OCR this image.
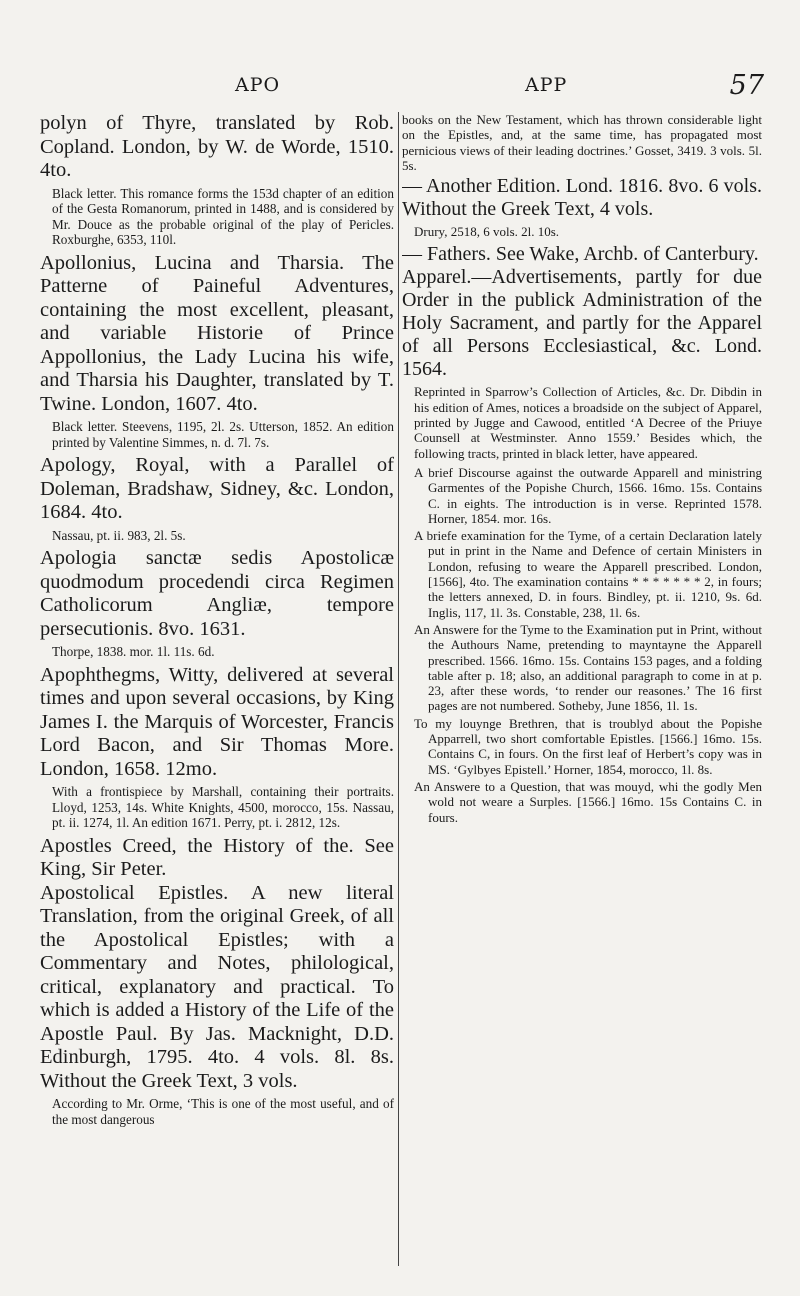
APO	APP	57

polyn of Thyre, translated by Rob. Copland. London, by W. de Worde, 1510. 4to.

Black letter. This romance forms the 153d chapter of an edition of the Gesta Romanorum, printed in 1488, and is considered by Mr. Douce as the probable original of the play of Pericles. Roxburghe, 6353, 110l.

Apollonius, Lucina and Tharsia. The Patterne of Paineful Adventures, containing the most excellent, pleasant, and variable Historie of Prince Appollonius, the Lady Lucina his wife, and Tharsia his Daughter, translated by T. Twine. London, 1607. 4to.

Black letter. Steevens, 1195, 2l. 2s. Utterson, 1852. An edition printed by Valentine Simmes, n. d. 7l. 7s.

Apology, Royal, with a Parallel of Doleman, Bradshaw, Sidney, &c. London, 1684. 4to.

Nassau, pt. ii. 983, 2l. 5s.

Apologia sanctæ sedis Apostolicæ quodmodum procedendi circa Regimen Catholicorum Angliæ, tempore persecutionis. 8vo. 1631.

Thorpe, 1838. mor. 1l. 11s. 6d.

Apophthegms, Witty, delivered at several times and upon several occasions, by King James I. the Marquis of Worcester, Francis Lord Bacon, and Sir Thomas More. London, 1658. 12mo.

With a frontispiece by Marshall, containing their portraits. Lloyd, 1253, 14s. White Knights, 4500, morocco, 15s. Nassau, pt. ii. 1274, 1l. An edition 1671. Perry, pt. i. 2812, 12s.

Apostles Creed, the History of the. See King, Sir Peter.

Apostolical Epistles. A new literal Translation, from the original Greek, of all the Apostolical Epistles; with a Commentary and Notes, philological, critical, explanatory and practical. To which is added a History of the Life of the Apostle Paul. By Jas. Macknight, D.D. Edinburgh, 1795. 4to. 4 vols. 8l. 8s. Without the Greek Text, 3 vols.

According to Mr. Orme, ‘This is one of the most useful, and of the most dangerous

books on the New Testament, which has thrown considerable light on the Epistles, and, at the same time, has propagated most pernicious views of their leading doctrines.’ Gosset, 3419. 3 vols. 5l. 5s.

— Another Edition. Lond. 1816. 8vo. 6 vols. Without the Greek Text, 4 vols.

Drury, 2518, 6 vols. 2l. 10s.

— Fathers. See Wake, Archb. of Canterbury.

Apparel.—Advertisements, partly for due Order in the publick Administration of the Holy Sacrament, and partly for the Apparel of all Persons Ecclesiastical, &c. Lond. 1564.

Reprinted in Sparrow’s Collection of Articles, &c. Dr. Dibdin in his edition of Ames, notices a broadside on the subject of Apparel, printed by Jugge and Cawood, entitled ‘A Decree of the Priuye Counsell at Westminster. Anno 1559.’ Besides which, the following tracts, printed in black letter, have appeared.

A brief Discourse against the outwarde Apparell and ministring Garmentes of the Popishe Church, 1566. 16mo. 15s. Contains C. in eights. The introduction is in verse. Reprinted 1578. Horner, 1854. mor. 16s.

A briefe examination for the Tyme, of a certain Declaration lately put in print in the Name and Defence of certain Ministers in London, refusing to weare the Apparell prescribed. London, [1566], 4to. The examination contains * * * * * * * 2, in fours; the letters annexed, D. in fours. Bindley, pt. ii. 1210, 9s. 6d. Inglis, 117, 1l. 3s. Constable, 238, 1l. 6s.

An Answere for the Tyme to the Examination put in Print, without the Authours Name, pretending to mayntayne the Apparell prescribed. 1566. 16mo. 15s. Contains 153 pages, and a folding table after p. 18; also, an additional paragraph to come in at p. 23, after these words, ‘to render our reasones.’ The 16 first pages are not numbered. Sotheby, June 1856, 1l. 1s.

To my louynge Brethren, that is troublyd about the Popishe Apparrell, two short comfortable Epistles. [1566.] 16mo. 15s. Contains C, in fours. On the first leaf of Herbert’s copy was in MS. ‘Gylbyes Epistell.’ Horner, 1854, morocco, 1l. 8s.

An Answere to a Question, that was mouyd, whi the godly Men wold not weare a Surples. [1566.] 16mo. 15s Contains C. in fours.
